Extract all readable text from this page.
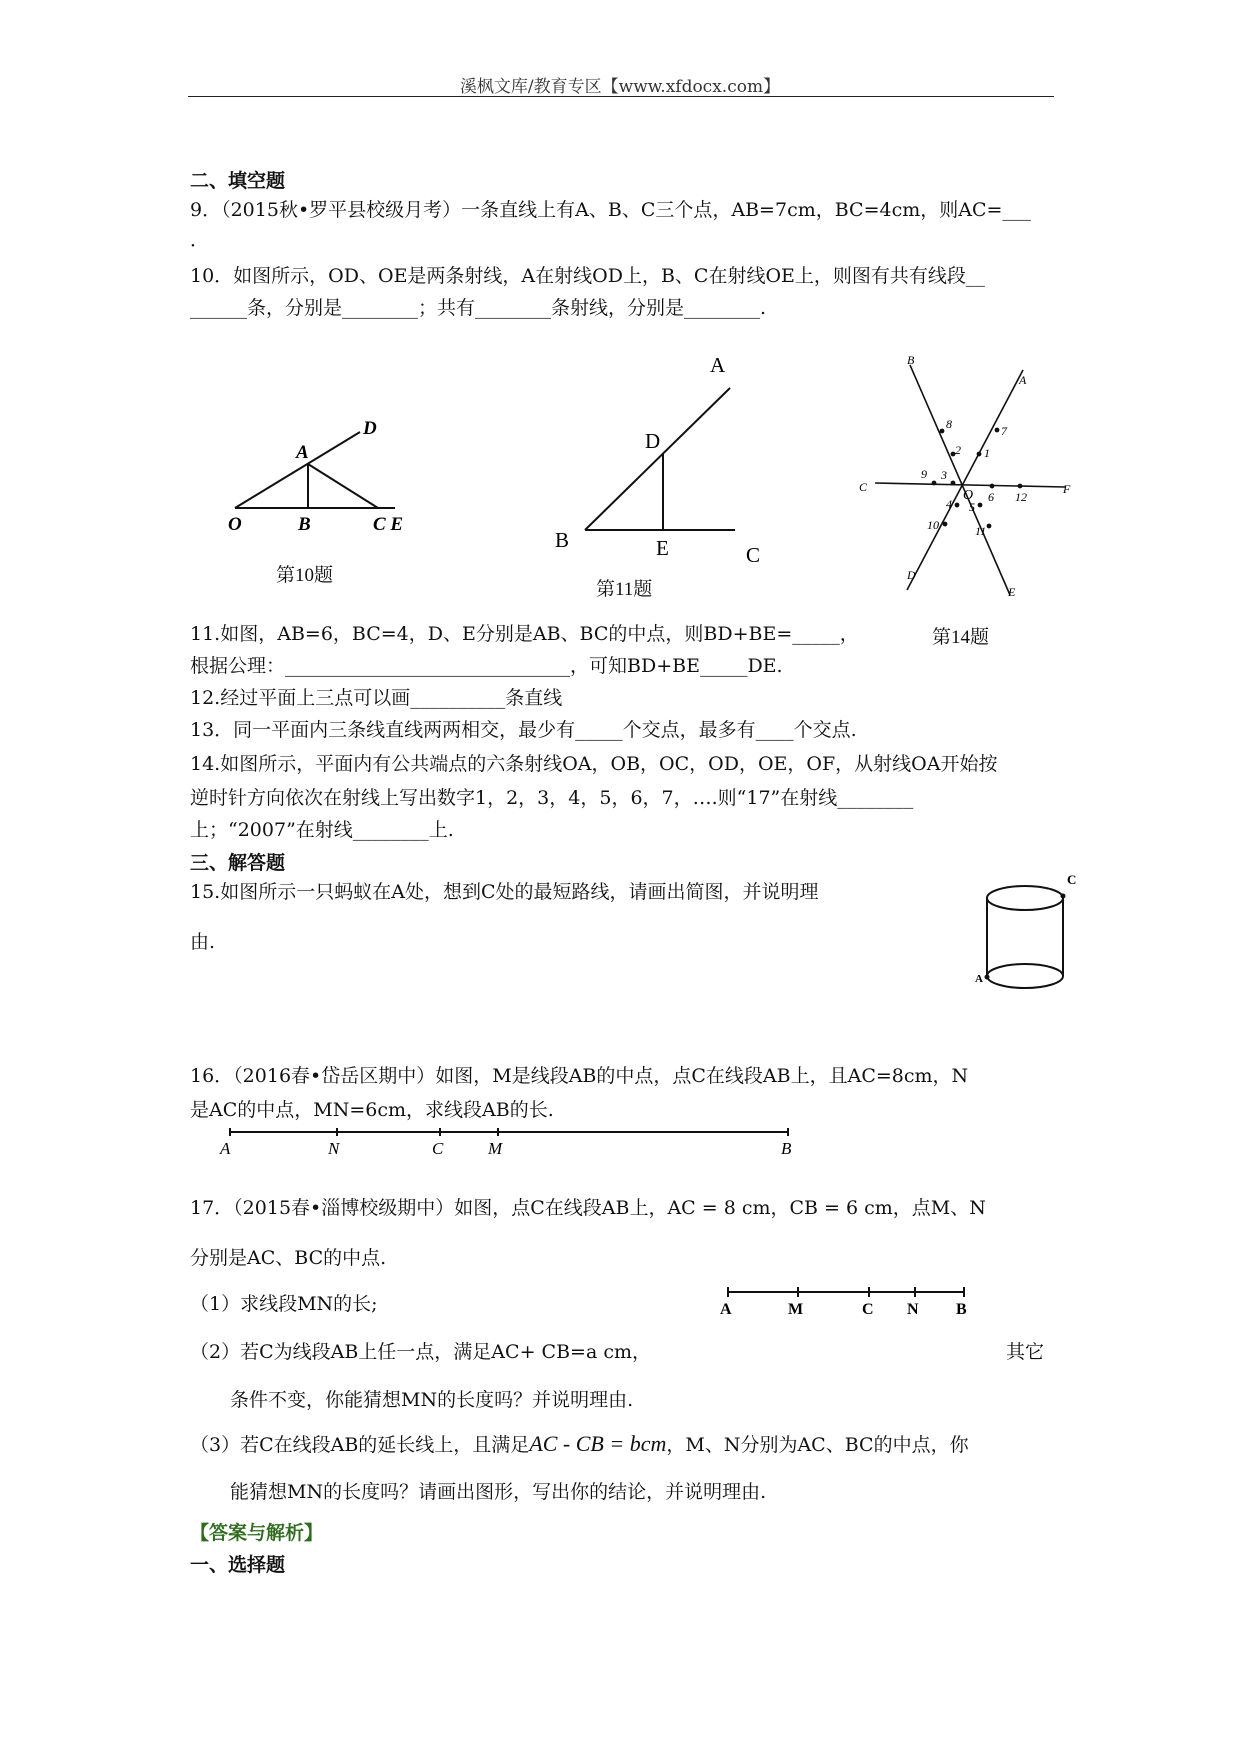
溪枫文库/教育专区【www.xfdocx.com】
二、填空题
9．（2015秋•罗平县校级月考）一条直线上有A、B、C三个点，AB=7cm，BC=4cm，则AC=___
．
10．如图所示，OD、OE是两条射线，A在射线OD上，B、C在射线OE上，则图有共有线段__
______条，分别是________；共有________条射线，分别是________.
O	B	C E
A
D
第10题
A
D
B	E	C
第11题
B
A
C	F
D
E
O
1
2
3
4 5
6
7
8
9
10	11
12
第14题
11.如图，AB=6，BC=4，D、E分别是AB、BC的中点，则BD+BE=_____，
根据公理：______________________________，可知BD+BE_____DE.
12.经过平面上三点可以画__________条直线
13．同一平面内三条线直线两两相交，最少有_____个交点，最多有____个交点.
14.如图所示，平面内有公共端点的六条射线OA，OB，OC，OD，OE，OF，从射线OA开始按
逆时针方向依次在射线上写出数字1，2，3，4，5，6，7，….则“17”在射线________
上；“2007”在射线________上.
三、解答题
15.如图所示一只蚂蚁在A处，想到C处的最短路线，请画出简图，并说明理
由.
C
A
16．（2016春•岱岳区期中）如图，M是线段AB的中点，点C在线段AB上，且AC=8cm，N
是AC的中点，MN=6cm，求线段AB的长.
A	N	C	M	B
17．（2015春•淄博校级期中）如图，点C在线段AB上，AC = 8 cm，CB = 6 cm，点M、N
分别是AC、BC的中点.
（1）求线段MN的长;	A	M	C N B
（2）若C为线段AB上任一点，满足AC+ CB=a cm，	其它
条件不变，你能猜想MN的长度吗？并说明理由.
（3）若C在线段AB的延长线上，且满足AC - CB = bcm，M、N分别为AC、BC的中点，你
能猜想MN的长度吗？请画出图形，写出你的结论，并说明理由.
【答案与解析】
一、选择题
